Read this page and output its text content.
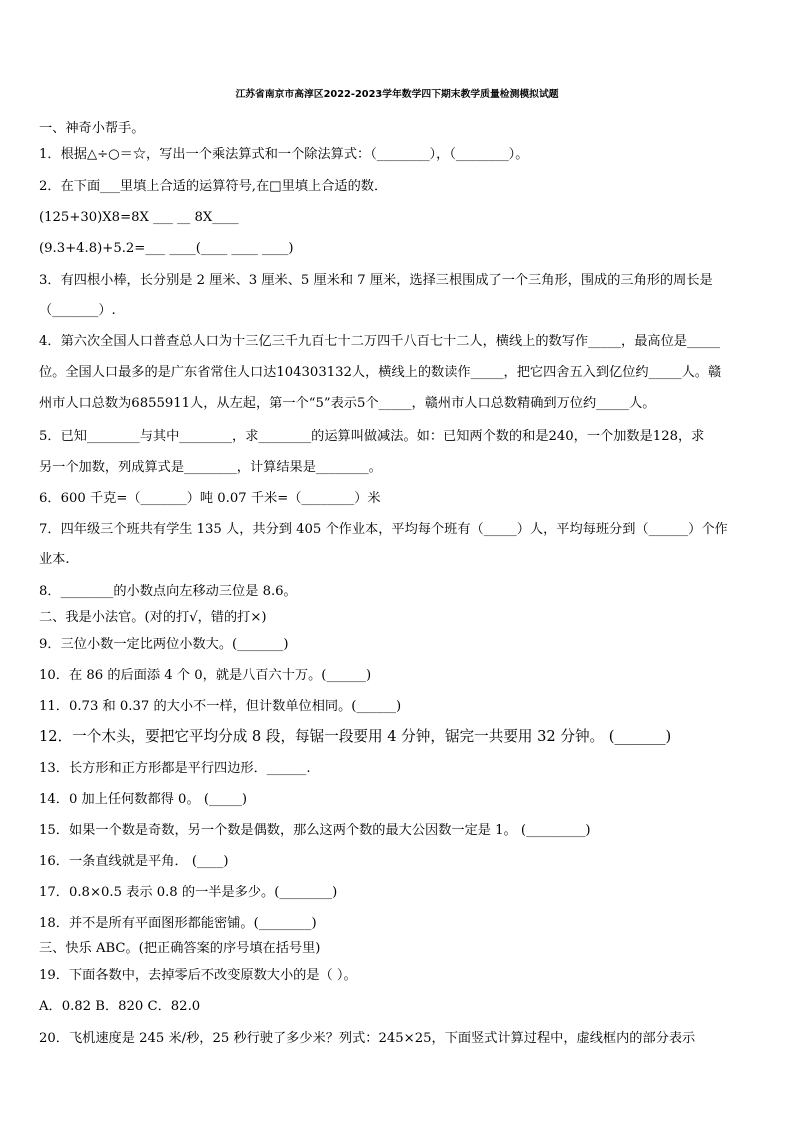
江苏省南京市高淳区2022-2023学年数学四下期末教学质量检测模拟试题
一、神奇小帮手。
1．根据△÷○＝☆，写出一个乘法算式和一个除法算式：（________），（________）。
2．在下面___里填上合适的运算符号,在□里填上合适的数．
(125+30)X8=8X ___ __ 8X____
(9.3+4.8)+5.2=___ ____(____ ____ ____)
3．有四根小棒，长分别是 2 厘米、3 厘米、5 厘米和 7 厘米，选择三根围成了一个三角形，围成的三角形的周长是
（_______）.
4．第六次全国人口普查总人口为十三亿三千九百七十二万四千八百七十二人，横线上的数写作_____，最高位是_____
位。全国人口最多的是广东省常住人口达104303132人，横线上的数读作_____，把它四舍五入到亿位约_____人。赣
州市人口总数为6855911人，从左起，第一个“5”表示5个_____，赣州市人口总数精确到万位约_____人。
5．已知________与其中________，求________的运算叫做减法。如：已知两个数的和是240，一个加数是128，求
另一个加数，列成算式是________，计算结果是________。
6．600 千克=（_______）吨 0.07 千米=（________）米
7．四年级三个班共有学生 135 人，共分到 405 个作业本，平均每个班有（_____）人，平均每班分到（______）个作
业本.
8．________的小数点向左移动三位是 8.6。
二、我是小法官。(对的打√，错的打×)
9．三位小数一定比两位小数大。(_______)
10．在 86 的后面添 4 个 0，就是八百六十万。(______)
11．0.73 和 0.37 的大小不一样，但计数单位相同。(______)
12．一个木头，要把它平均分成 8 段，每锯一段要用 4 分钟，锯完一共要用 32 分钟。 (_______)
13．长方形和正方形都是平行四边形．______.
14．0 加上任何数都得 0。 (_____)
15．如果一个数是奇数，另一个数是偶数，那么这两个数的最大公因数一定是 1。 (_________)
16．一条直线就是平角． (____)
17．0.8×0.5 表示 0.8 的一半是多少。(________)
18．并不是所有平面图形都能密铺。(________)
三、快乐 ABC。(把正确答案的序号填在括号里)
19．下面各数中，去掉零后不改变原数大小的是（ ）。
A．0.82 B．820 C．82.0
20．飞机速度是 245 米/秒，25 秒行驶了多少米？列式：245×25，下面竖式计算过程中，虚线框内的部分表示
